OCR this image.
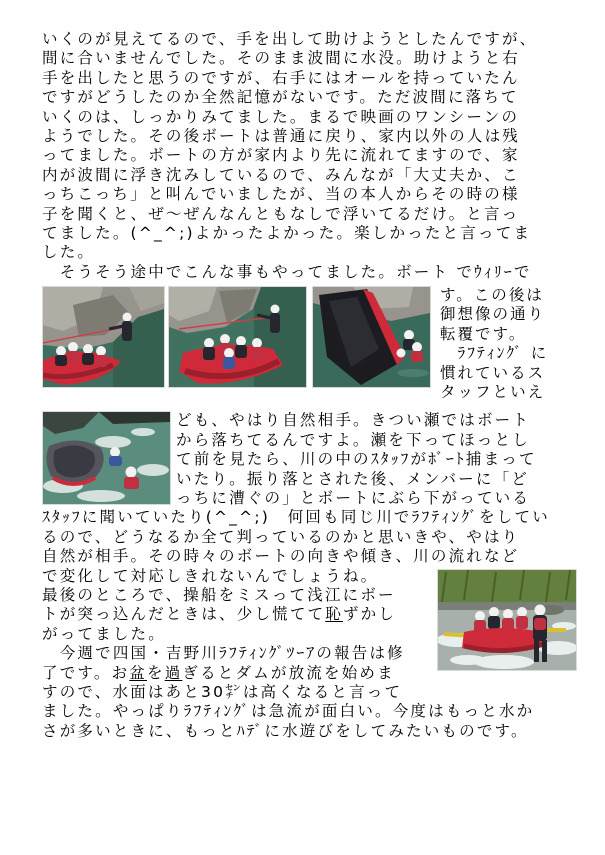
いくのが見えてるので、手を出して助けようとしたんですが、
間に合いませんでした。そのまま波間に水没。助けようと右
手を出したと思うのですが、右手にはオールを持っていたん
ですがどうしたのか全然記憶がないです。ただ波間に落ちて
いくのは、しっかりみてました。まるで映画のワンシーンの
ようでした。その後ボートは普通に戻り、家内以外の人は残
ってました。ボートの方が家内より先に流れてますので、家
内が波間に浮き沈みしているので、みんなが「大丈夫か、こ
っちこっち」と叫んでいましたが、当の本人からその時の様
子を聞くと、ぜ～ぜんなんともなしで浮いてるだけ。と言っ
てました。(^_^;)よかったよかった。楽しかったと言ってま
した。
　そうそう途中でこんな事もやってました。ボート でｳｨﾘｰで
す。この後は
御想像の通り
転覆です。
　ﾗﾌﾃｨﾝｸ に
慣れているス
タッフといえ
ども、やはり自然相手。きつい瀬ではボート
から落ちてるんですよ。瀬を下ってほっとし
て前を見たら、川の中のｽﾀｯﾌがﾎｰﾄ捕まって
いたり。振り落とされた後、メンバーに「ど
っちに漕ぐの」とボートにぶら下がっている
ｽﾀｯﾌに聞いていたり(^_^;)　 何回も同じ川でﾗﾌﾃｨﾝｸをしてい
るので、どうなるか全て判っているのかと思いきや、やはり
自然が相手。その時々のボートの向きや傾き、川の流れなど
で変化して対応しきれないんでしょうね。
最後のところで、操船をミスって浅江にボー
トが突っ込んだときは、少し慌てて恥ずかし
がってました。
　今週で四国・吉野川ﾗﾌﾃｨﾝｸﾂｰｱの報告は修
了です。お盆を過ぎるとダムが放流を始めま
すので、水面はあと30㌢は高くなると言って
ました。やっぱりﾗﾌﾃｨﾝｸは急流が面白い。今度はもっと水か
さが多いときに、もっとﾊﾃに水遊びをしてみたいものです。
